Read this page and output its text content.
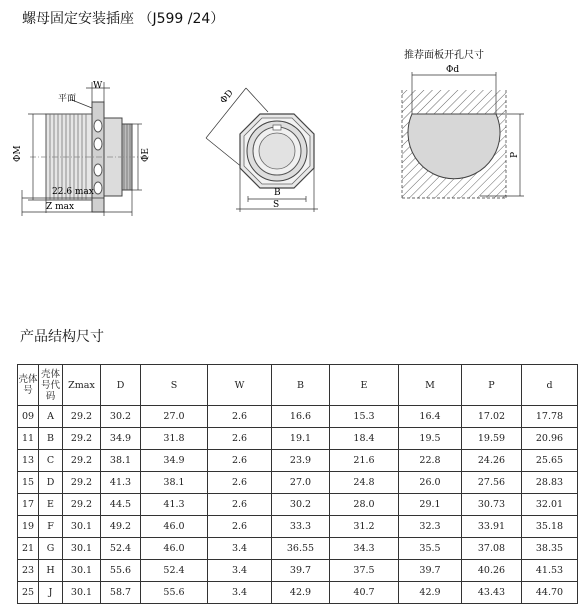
螺母固定安装插座 （J599 /24）
W
平面
ΦM	ΦE
22.6 max
Z max
ΦD
B
S
推荐面板开孔尺寸
Φd
P
产品结构尺寸
壳体号	壳体号代码	Zmax	D	S	W	B	E	M	P	d
09	A	29.2	30.2	27.0	2.6	16.6	15.3	16.4	17.02	17.78
11	B	29.2	34.9	31.8	2.6	19.1	18.4	19.5	19.59	20.96
13	C	29.2	38.1	34.9	2.6	23.9	21.6	22.8	24.26	25.65
15	D	29.2	41.3	38.1	2.6	27.0	24.8	26.0	27.56	28.83
17	E	29.2	44.5	41.3	2.6	30.2	28.0	29.1	30.73	32.01
19	F	30.1	49.2	46.0	2.6	33.3	31.2	32.3	33.91	35.18
21	G	30.1	52.4	46.0	3.4	36.55	34.3	35.5	37.08	38.35
23	H	30.1	55.6	52.4	3.4	39.7	37.5	39.7	40.26	41.53
25	J	30.1	58.7	55.6	3.4	42.9	40.7	42.9	43.43	44.70
